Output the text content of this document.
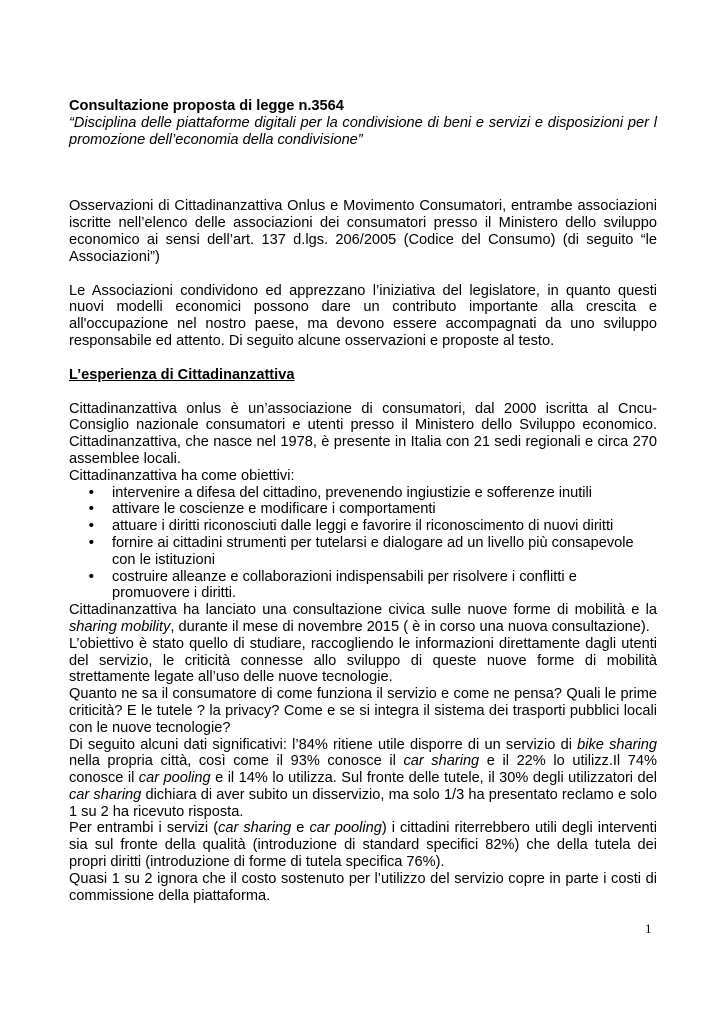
Consultazione proposta di legge n.3564

“Disciplina delle piattaforme digitali per la condivisione di beni e servizi e disposizioni per l promozione dell’economia della condivisione”

Osservazioni di Cittadinanzattiva Onlus e Movimento Consumatori, entrambe associazioni iscritte nell’elenco delle associazioni dei consumatori presso il Ministero dello sviluppo economico ai sensi dell’art. 137 d.lgs. 206/2005 (Codice del Consumo) (di seguito “le Associazioni”)

Le Associazioni condividono ed apprezzano l’iniziativa del legislatore, in quanto questi nuovi modelli economici possono dare un contributo importante alla crescita e all'occupazione nel nostro paese, ma devono essere accompagnati da uno sviluppo responsabile ed attento. Di seguito alcune osservazioni e proposte al testo.

L’esperienza di Cittadinanzattiva

Cittadinanzattiva onlus è un’associazione di consumatori, dal 2000 iscritta al Cncu-Consiglio nazionale consumatori e utenti presso il Ministero dello Sviluppo economico. Cittadinanzattiva, che nasce nel 1978, è presente in Italia con 21 sedi regionali e circa 270 assemblee locali.

Cittadinanzattiva ha come obiettivi:

• intervenire a difesa del cittadino, prevenendo ingiustizie e sofferenze inutili
• attivare le coscienze e modificare i comportamenti
• attuare i diritti riconosciuti dalle leggi e favorire il riconoscimento di nuovi diritti
• fornire ai cittadini strumenti per tutelarsi e dialogare ad un livello più consapevole con le istituzioni
• costruire alleanze e collaborazioni indispensabili per risolvere i conflitti e promuovere i diritti.

Cittadinanzattiva ha lanciato una consultazione civica sulle nuove forme di mobilità e la sharing mobility, durante il mese di novembre 2015 ( è in corso una nuova consultazione).

L’obiettivo è stato quello di studiare, raccogliendo le informazioni direttamente dagli utenti del servizio, le criticità connesse allo sviluppo di queste nuove forme di mobilità strettamente legate all’uso delle nuove tecnologie.

Quanto ne sa il consumatore di come funziona il servizio e come ne pensa? Quali le prime criticità? E le tutele ? la privacy? Come e se si integra il sistema dei trasporti pubblici locali con le nuove tecnologie?

Di seguito alcuni dati significativi: l’84% ritiene utile disporre di un servizio di bike sharing nella propria città, così come il 93% conosce il car sharing e il 22% lo utilizz.Il 74% conosce il car pooling e il 14% lo utilizza. Sul fronte delle tutele, il 30% degli utilizzatori del car sharing dichiara di aver subito un disservizio, ma solo 1/3 ha presentato reclamo e solo 1 su 2 ha ricevuto risposta.

Per entrambi i servizi (car sharing e car pooling) i cittadini riterrebbero utili degli interventi sia sul fronte della qualità (introduzione di standard specifici 82%) che della tutela dei propri diritti (introduzione di forme di tutela specifica 76%).

Quasi 1 su 2 ignora che il costo sostenuto per l’utilizzo del servizio copre in parte i costi di commissione della piattaforma.

1
